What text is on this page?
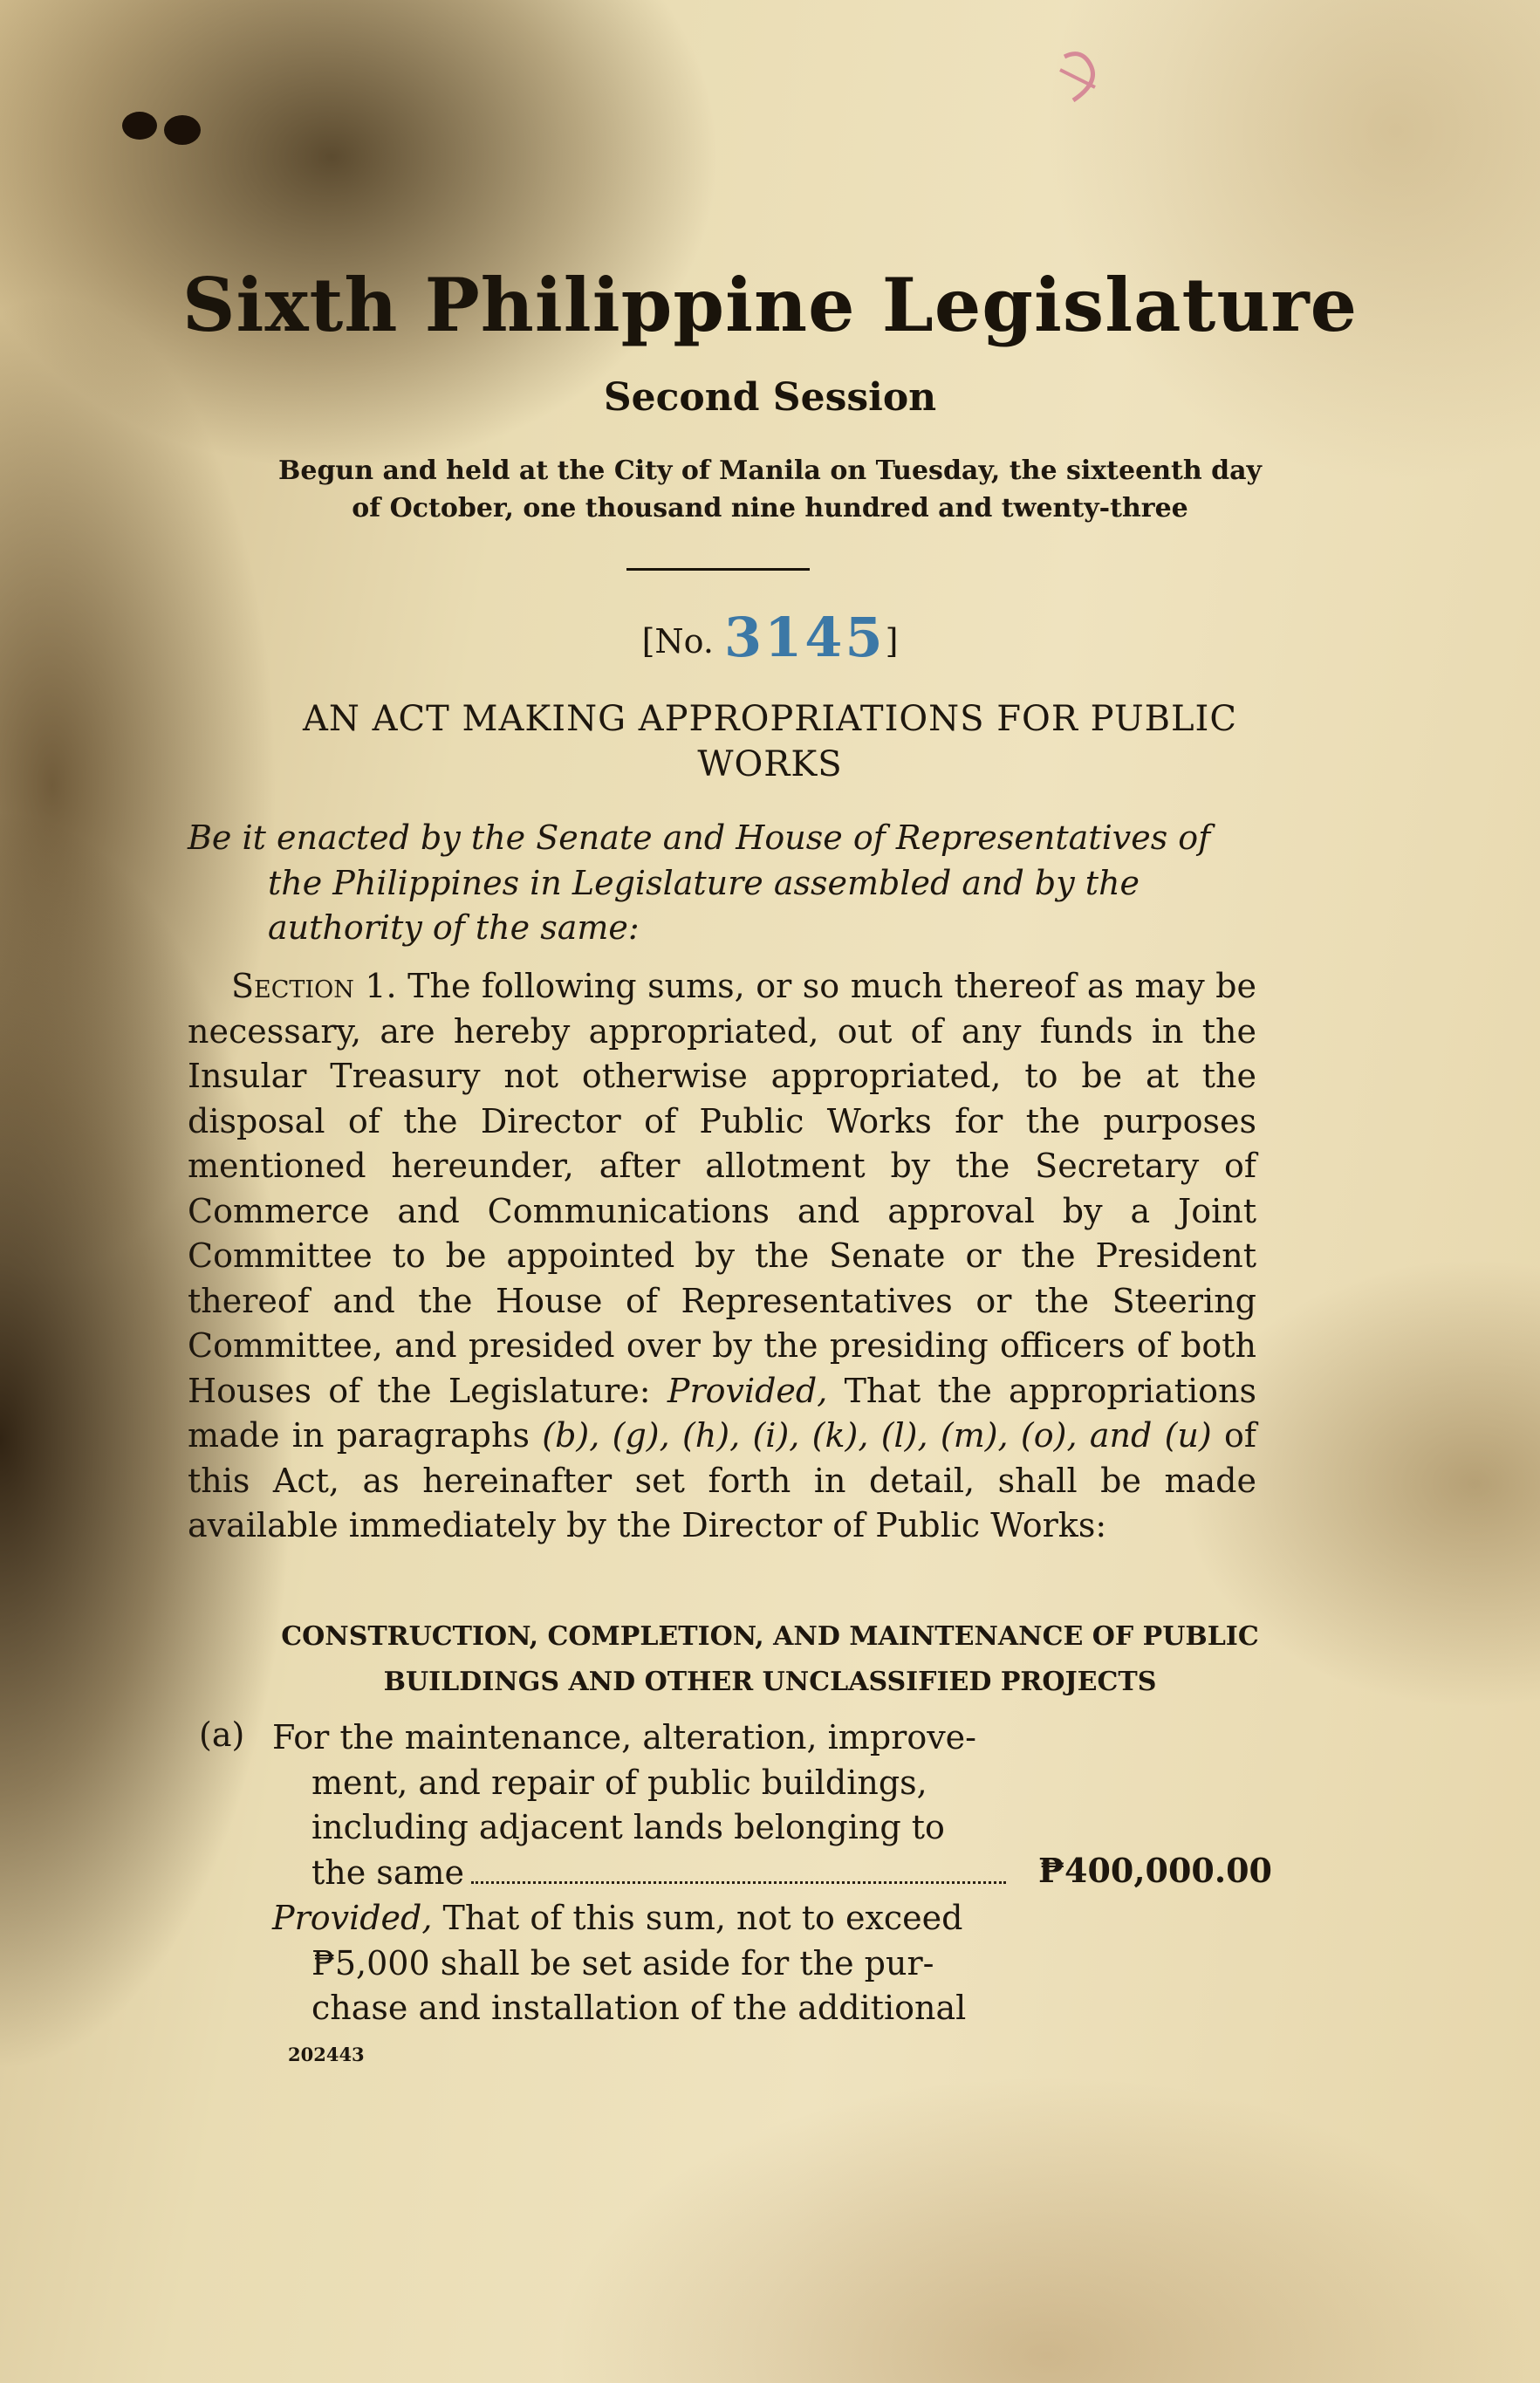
Sixth Philippine Legislature
Second Session
Begun and held at the City of Manila on Tuesday, the sixteenth day
of October, one thousand nine hundred and twenty-three
[No. 3145]
AN ACT MAKING APPROPRIATIONS FOR PUBLIC
WORKS
Be it enacted by the Senate and House of Representatives of the Philippines in Legislature assembled and by the authority of the same:
Section 1. The following sums, or so much thereof as may be necessary, are hereby appropriated, out of any funds in the Insular Treasury not otherwise appropriated, to be at the disposal of the Director of Public Works for the purposes mentioned hereunder, after allotment by the Secretary of Commerce and Communications and approval by a Joint Committee to be appointed by the Senate or the President thereof and the House of Representatives or the Steering Committee, and presided over by the presiding officers of both Houses of the Legislature: Provided, That the appropriations made in paragraphs (b), (g), (h), (i), (k), (l), (m), (o), and (u) of this Act, as hereinafter set forth in detail, shall be made available immediately by the Director of Public Works:
CONSTRUCTION, COMPLETION, AND MAINTENANCE OF PUBLIC
BUILDINGS AND OTHER UNCLASSIFIED PROJECTS
(a) For the maintenance, alteration, improve-
ment, and repair of public buildings,
including adjacent lands belonging to
the same	₱400,000.00
Provided, That of this sum, not to exceed
₱5,000 shall be set aside for the pur-
chase and installation of the additional
202443
